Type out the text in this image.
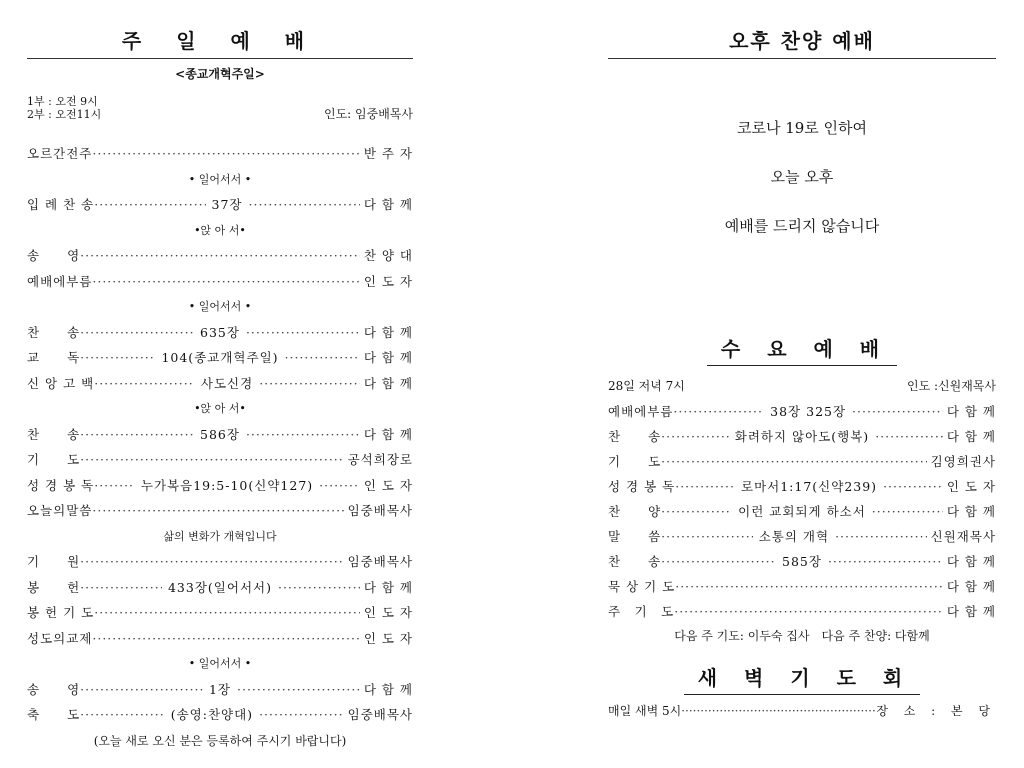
주 일 예 배
<종교개혁주일>
1부 : 오전 9시
2부 : 오전11시	인도: 임중배목사
오르간전주 ·····	반 주 자
• 일어서서 •
입 례 찬 송 ·····	37장 ·····	다 함 께
•앉 아 서•
송　　영 ·····	찬 양 대
예배에부름 ·····	인 도 자
• 일어서서 •
찬　　송 ·····	635장 ·····	다 함 께
교　　독 ·····	104(종교개혁주일) ·····	다 함 께
신 앙 고 백 ·····	사도신경 ·····	다 함 께
•앉 아 서•
찬　　송 ·····	586장 ·····	다 함 께
기　　도 ·····	공석희장로
성 경 봉 독 ·····	누가복음19:5-10(신약127) ·····	인 도 자
오늘의말씀 ·····	임중배목사
삶의 변화가 개혁입니다
기　　원 ·····	임중배목사
봉　　헌 ·····	433장(일어서서) ·····	다 함 께
봉 헌 기 도 ·····	인 도 자
성도의교제 ·····	인 도 자
• 일어서서 •
송　　영 ·····	1장 ·····	다 함 께
축　　도 ·····	(송영:찬양대) ·····	임중배목사
(오늘 새로 오신 분은 등록하여 주시기 바랍니다)
오후 찬양 예배
코로나 19로 인하여
오늘 오후
예배를 드리지 않습니다
수 요 예 배
28일 저녁 7시	인도 :신원재목사
예배에부름 ·····	38장 325장 ·····	다 함 께
찬　　송 ·····	화려하지 않아도(행복) ·····	다 함 께
기　　도 ·····	김영희권사
성 경 봉 독 ·····	로마서1:17(신약239) ·····	인 도 자
찬　　양 ·····	이런 교회되게 하소서 ·····	다 함 께
말　　씀 ·····	소통의 개혁 ·····	신원재목사
찬　　송 ·····	585장 ·····	다 함 께
묵 상 기 도 ·····	다 함 께
주　기　도 ·····	다 함 께
다음 주 기도: 이두숙 집사　다음 주 찬양: 다함께
새 벽 기 도 회
매일 새벽 5시 ·····	장 소 : 본 당
